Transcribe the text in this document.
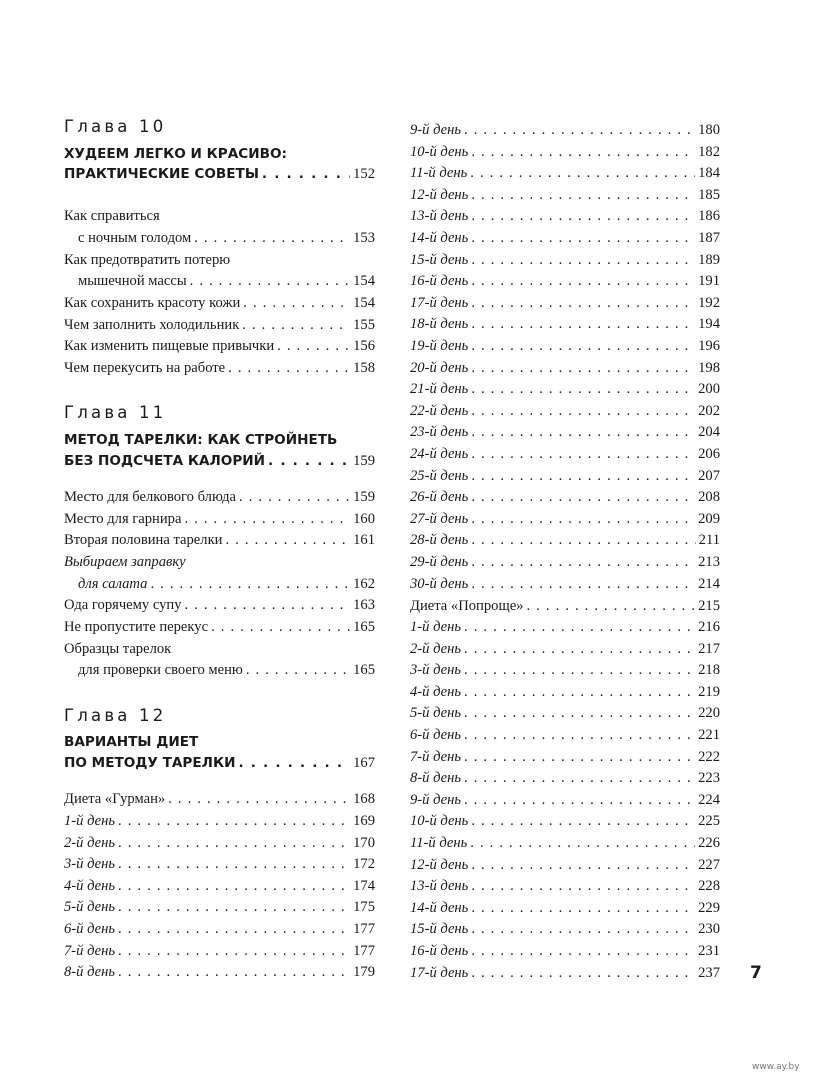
Глава 10
ХУДЕЕМ ЛЕГКО И КРАСИВО:
ПРАКТИЧЕСКИЕ СОВЕТЫ . . .	152
Как справиться
с ночным голодом . . .	153
Как предотвратить потерю
мышечной массы . . .	154
Как сохранить красоту кожи . . .	154
Чем заполнить холодильник . . .	155
Как изменить пищевые привычки . . .	156
Чем перекусить на работе . . .	158
Глава 11
МЕТОД ТАРЕЛКИ: КАК СТРОЙНЕТЬ
БЕЗ ПОДСЧЕТА КАЛОРИЙ . . .	159
Место для белкового блюда . . .	159
Место для гарнира . . .	160
Вторая половина тарелки . . .	161
Выбираем заправку
для салата . . .	162
Ода горячему супу . . .	163
Не пропустите перекус . . .	165
Образцы тарелок
для проверки своего меню . . .	165
Глава 12
ВАРИАНТЫ ДИЕТ
ПО МЕТОДУ ТАРЕЛКИ . . .	167
Диета «Гурман» . . .	168
1-й день . . .	169
2-й день . . .	170
3-й день . . .	172
4-й день . . .	174
5-й день . . .	175
6-й день . . .	177
7-й день . . .	177
8-й день . . .	179
9-й день . . .	180
10-й день . . .	182
11-й день . . .	184
12-й день . . .	185
13-й день . . .	186
14-й день . . .	187
15-й день . . .	189
16-й день . . .	191
17-й день . . .	192
18-й день . . .	194
19-й день . . .	196
20-й день . . .	198
21-й день . . .	200
22-й день . . .	202
23-й день . . .	204
24-й день . . .	206
25-й день . . .	207
26-й день . . .	208
27-й день . . .	209
28-й день . . .	211
29-й день . . .	213
30-й день . . .	214
Диета «Попроще» . . .	215
1-й день . . .	216
2-й день . . .	217
3-й день . . .	218
4-й день . . .	219
5-й день . . .	220
6-й день . . .	221
7-й день . . .	222
8-й день . . .	223
9-й день . . .	224
10-й день . . .	225
11-й день . . .	226
12-й день . . .	227
13-й день . . .	228
14-й день . . .	229
15-й день . . .	230
16-й день . . .	231
17-й день . . .	237 7
www.ay.by
